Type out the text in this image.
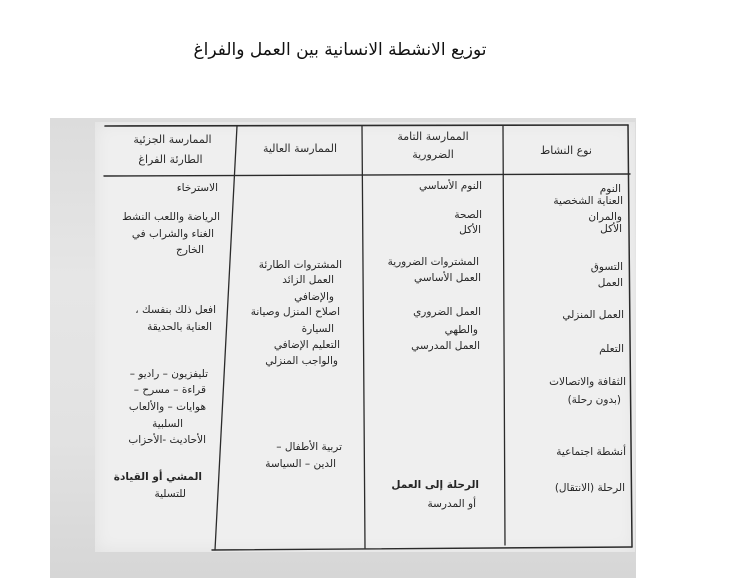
توزيع الانشطة الانسانية بين العمل والفراغ
نوع النشاط
الممارسة التامة
الضرورية
الممارسة العالية
الممارسة الجزئية
الطارئة الفراغ
النوم
العناية الشخصية
والمران
الأكل
التسوق
العمل
العمل المنزلي
التعلم
الثقافة والاتصالات
(بدون رحلة)
أنشطة اجتماعية
الرحلة (الانتقال)
النوم الأساسي
الصحة
الأكل
المشتروات الضرورية
العمل الأساسي
العمل الضروري
والطهي
العمل المدرسي
الرحلة إلى العمل
أو المدرسة
المشتروات الطارئة
العمل الزائد
والإضافي
اصلاح المنزل وصيانة
السيارة
التعليم الإضافي
والواجب المنزلي
تربية الأطفال –
الدين – السياسة
الاسترخاء
الرياضة واللعب النشط
الغناء والشراب في
الخارج
افعل ذلك بنفسك ،
العناية بالحديقة
تليفزيون – راديو –
قراءة – مسرح –
هوايات – والألعاب
السلبية
الأحاديث -الأحزاب
المشي أو القيادة
للتسلية
